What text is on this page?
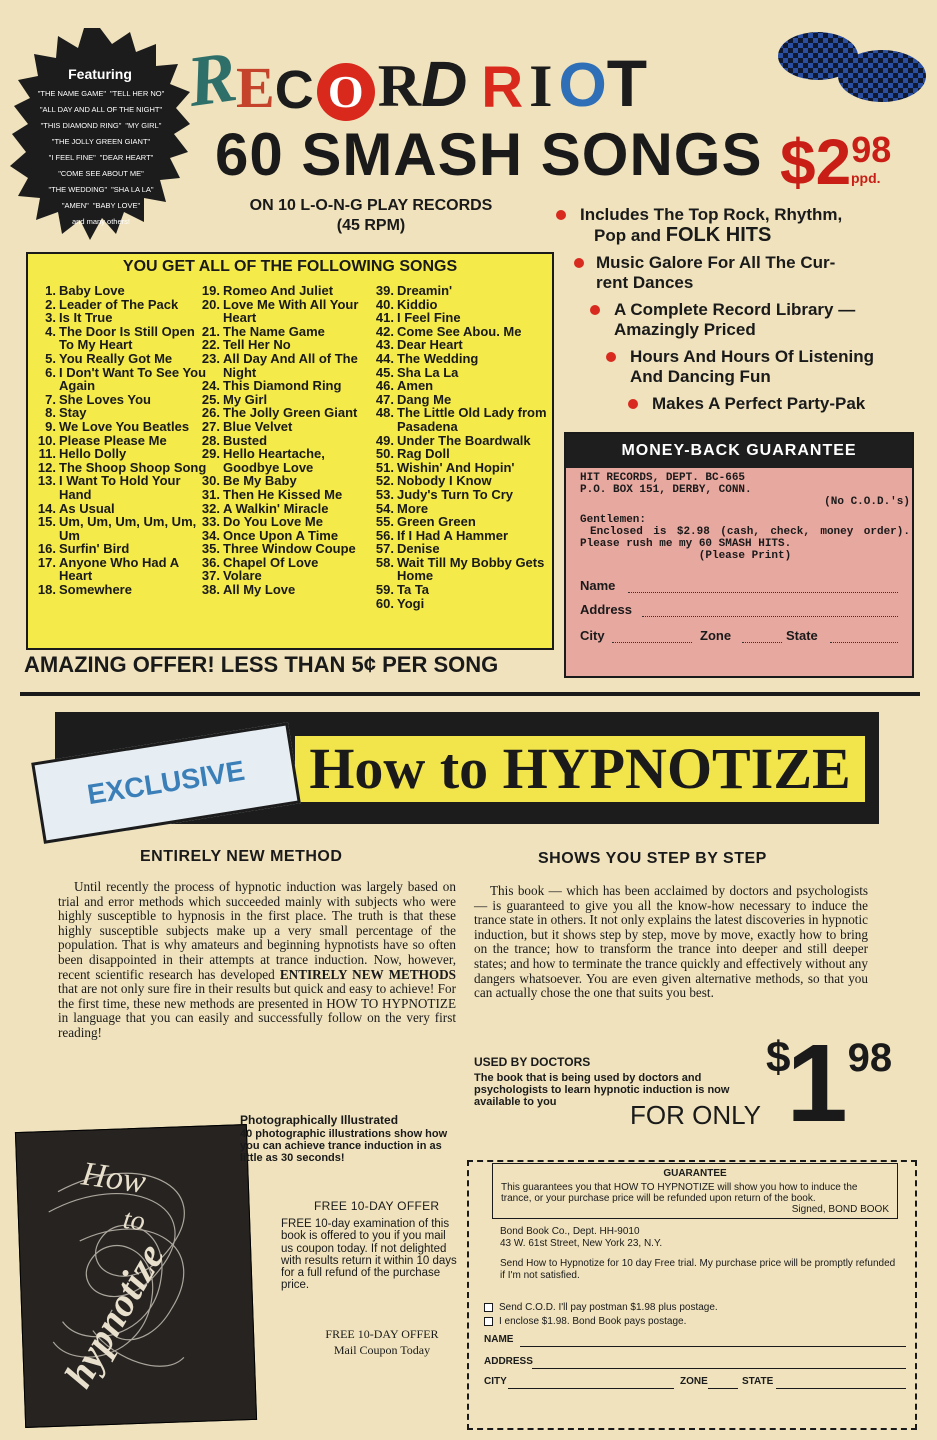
Featuring
"THE NAME GAME" "TELL HER NO"
"ALL DAY AND ALL OF THE NIGHT"
"THIS DIAMOND RING" "MY GIRL"
"THE JOLLY GREEN GIANT"
"I FEEL FINE" "DEAR HEART"
"COME SEE ABOUT ME"
"THE WEDDING" "SHA LA LA"
"AMEN" "BABY LOVE"
and many others!
REC O RD R IOT
60 SMASH SONGS $\$2^{98}$
ppd.
ON 10 L-O-N-G PLAY RECORDS
(45 RPM)
Includes The Top Rock, Rhythm,
Pop and FOLK HITS
Music Galore For All The Cur-
rent Dances
A Complete Record Library —
Amazingly Priced
Hours And Hours Of Listening
And Dancing Fun
Makes A Perfect Party-Pak
YOU GET ALL OF THE FOLLOWING SONGS
1. Baby Love
2. Leader of The Pack
3. Is It True
4. The Door Is Still Open To My Heart
5. You Really Got Me
6. I Don't Want To See You Again
7. She Loves You
8. Stay
9. We Love You Beatles
10. Please Please Me
11. Hello Dolly
12. The Shoop Shoop Song
13. I Want To Hold Your Hand
14. As Usual
15. Um, Um, Um, Um, Um, Um
16. Surfin' Bird
17. Anyone Who Had A Heart
18. Somewhere
19. Romeo And Juliet
20. Love Me With All Your Heart
21. The Name Game
22. Tell Her No
23. All Day And All of The Night
24. This Diamond Ring
25. My Girl
26. The Jolly Green Giant
27. Blue Velvet
28. Busted
29. Hello Heartache, Goodbye Love
30. Be My Baby
31. Then He Kissed Me
32. A Walkin' Miracle
33. Do You Love Me
34. Once Upon A Time
35. Three Window Coupe
36. Chapel Of Love
37. Volare
38. All My Love
39. Dreamin'
40. Kiddio
41. I Feel Fine
42. Come See Abou. Me
43. Dear Heart
44. The Wedding
45. Sha La La
46. Amen
47. Dang Me
48. The Little Old Lady from Pasadena
49. Under The Boardwalk
50. Rag Doll
51. Wishin' And Hopin'
52. Nobody I Know
53. Judy's Turn To Cry
54. More
55. Green Green
56. If I Had A Hammer
57. Denise
58. Wait Till My Bobby Gets Home
59. Ta Ta
60. Yogi
AMAZING OFFER! LESS THAN 5¢ PER SONG
MONEY-BACK GUARANTEE
HIT RECORDS, DEPT. BC-665
P.O. BOX 151, DERBY, CONN.
(No C.O.D.'s)
Gentlemen:
Enclosed is $2.98 (cash, check, money order). Please rush me my 60 SMASH HITS.
(Please Print)
Name
Address
City	Zone	State
How to HYPNOTIZE
EXCLUSIVE
ENTIRELY NEW METHOD	SHOWS YOU STEP BY STEP
Until recently the process of hypnotic induction was largely based on trial and error methods which succeeded mainly with subjects who were highly susceptible to hypnosis in the first place. The truth is that these highly susceptible subjects make up a very small percentage of the population. That is why amateurs and beginning hypnotists have so often been disappointed in their attempts at trance induction. Now, however, recent scientific research has developed ENTIRELY NEW METHODS that are not only sure fire in their results but quick and easy to achieve! For the first time, these new methods are presented in HOW TO HYPNOTIZE in language that you can easily and successfully follow on the very first reading!
This book — which has been acclaimed by doctors and psychologists — is guaranteed to give you all the know-how necessary to induce the trance state in others. It not only explains the latest discoveries in hypnotic induction, but it shows step by step, move by move, exactly how to bring on the trance; how to transform the trance into deeper and still deeper states; and how to terminate the trance quickly and effectively without any dangers whatsoever. You are even given alternative methods, so that you can actually chose the one that suits you best.
USED BY DOCTORS
The book that is being used by doctors and psychologists to learn hypnotic induction is now available to you	FOR ONLY
$^{\$}1^{98}$
How
to
hypnotize
Photographically Illustrated
40 photographic illustrations show how you can achieve trance induction in as little as 30 seconds!
FREE 10-DAY OFFER
FREE 10-day examination of this book is offered to you if you mail us coupon today. If not delighted with results return it within 10 days for a full refund of the purchase price.
FREE 10-DAY OFFER
Mail Coupon Today
GUARANTEE
This guarantees you that HOW TO HYPNOTIZE will show you how to induce the trance, or your purchase price will be refunded upon return of the book.
Signed, BOND BOOK
Bond Book Co., Dept. HH-9010
43 W. 61st Street, New York 23, N.Y.
Send How to Hypnotize for 10 day Free trial. My purchase price will be promptly refunded if I'm not satisfied.
Send C.O.D. I'll pay postman $1.98 plus postage.
I enclose $1.98. Bond Book pays postage.
NAME
ADDRESS
CITY	ZONE	STATE
